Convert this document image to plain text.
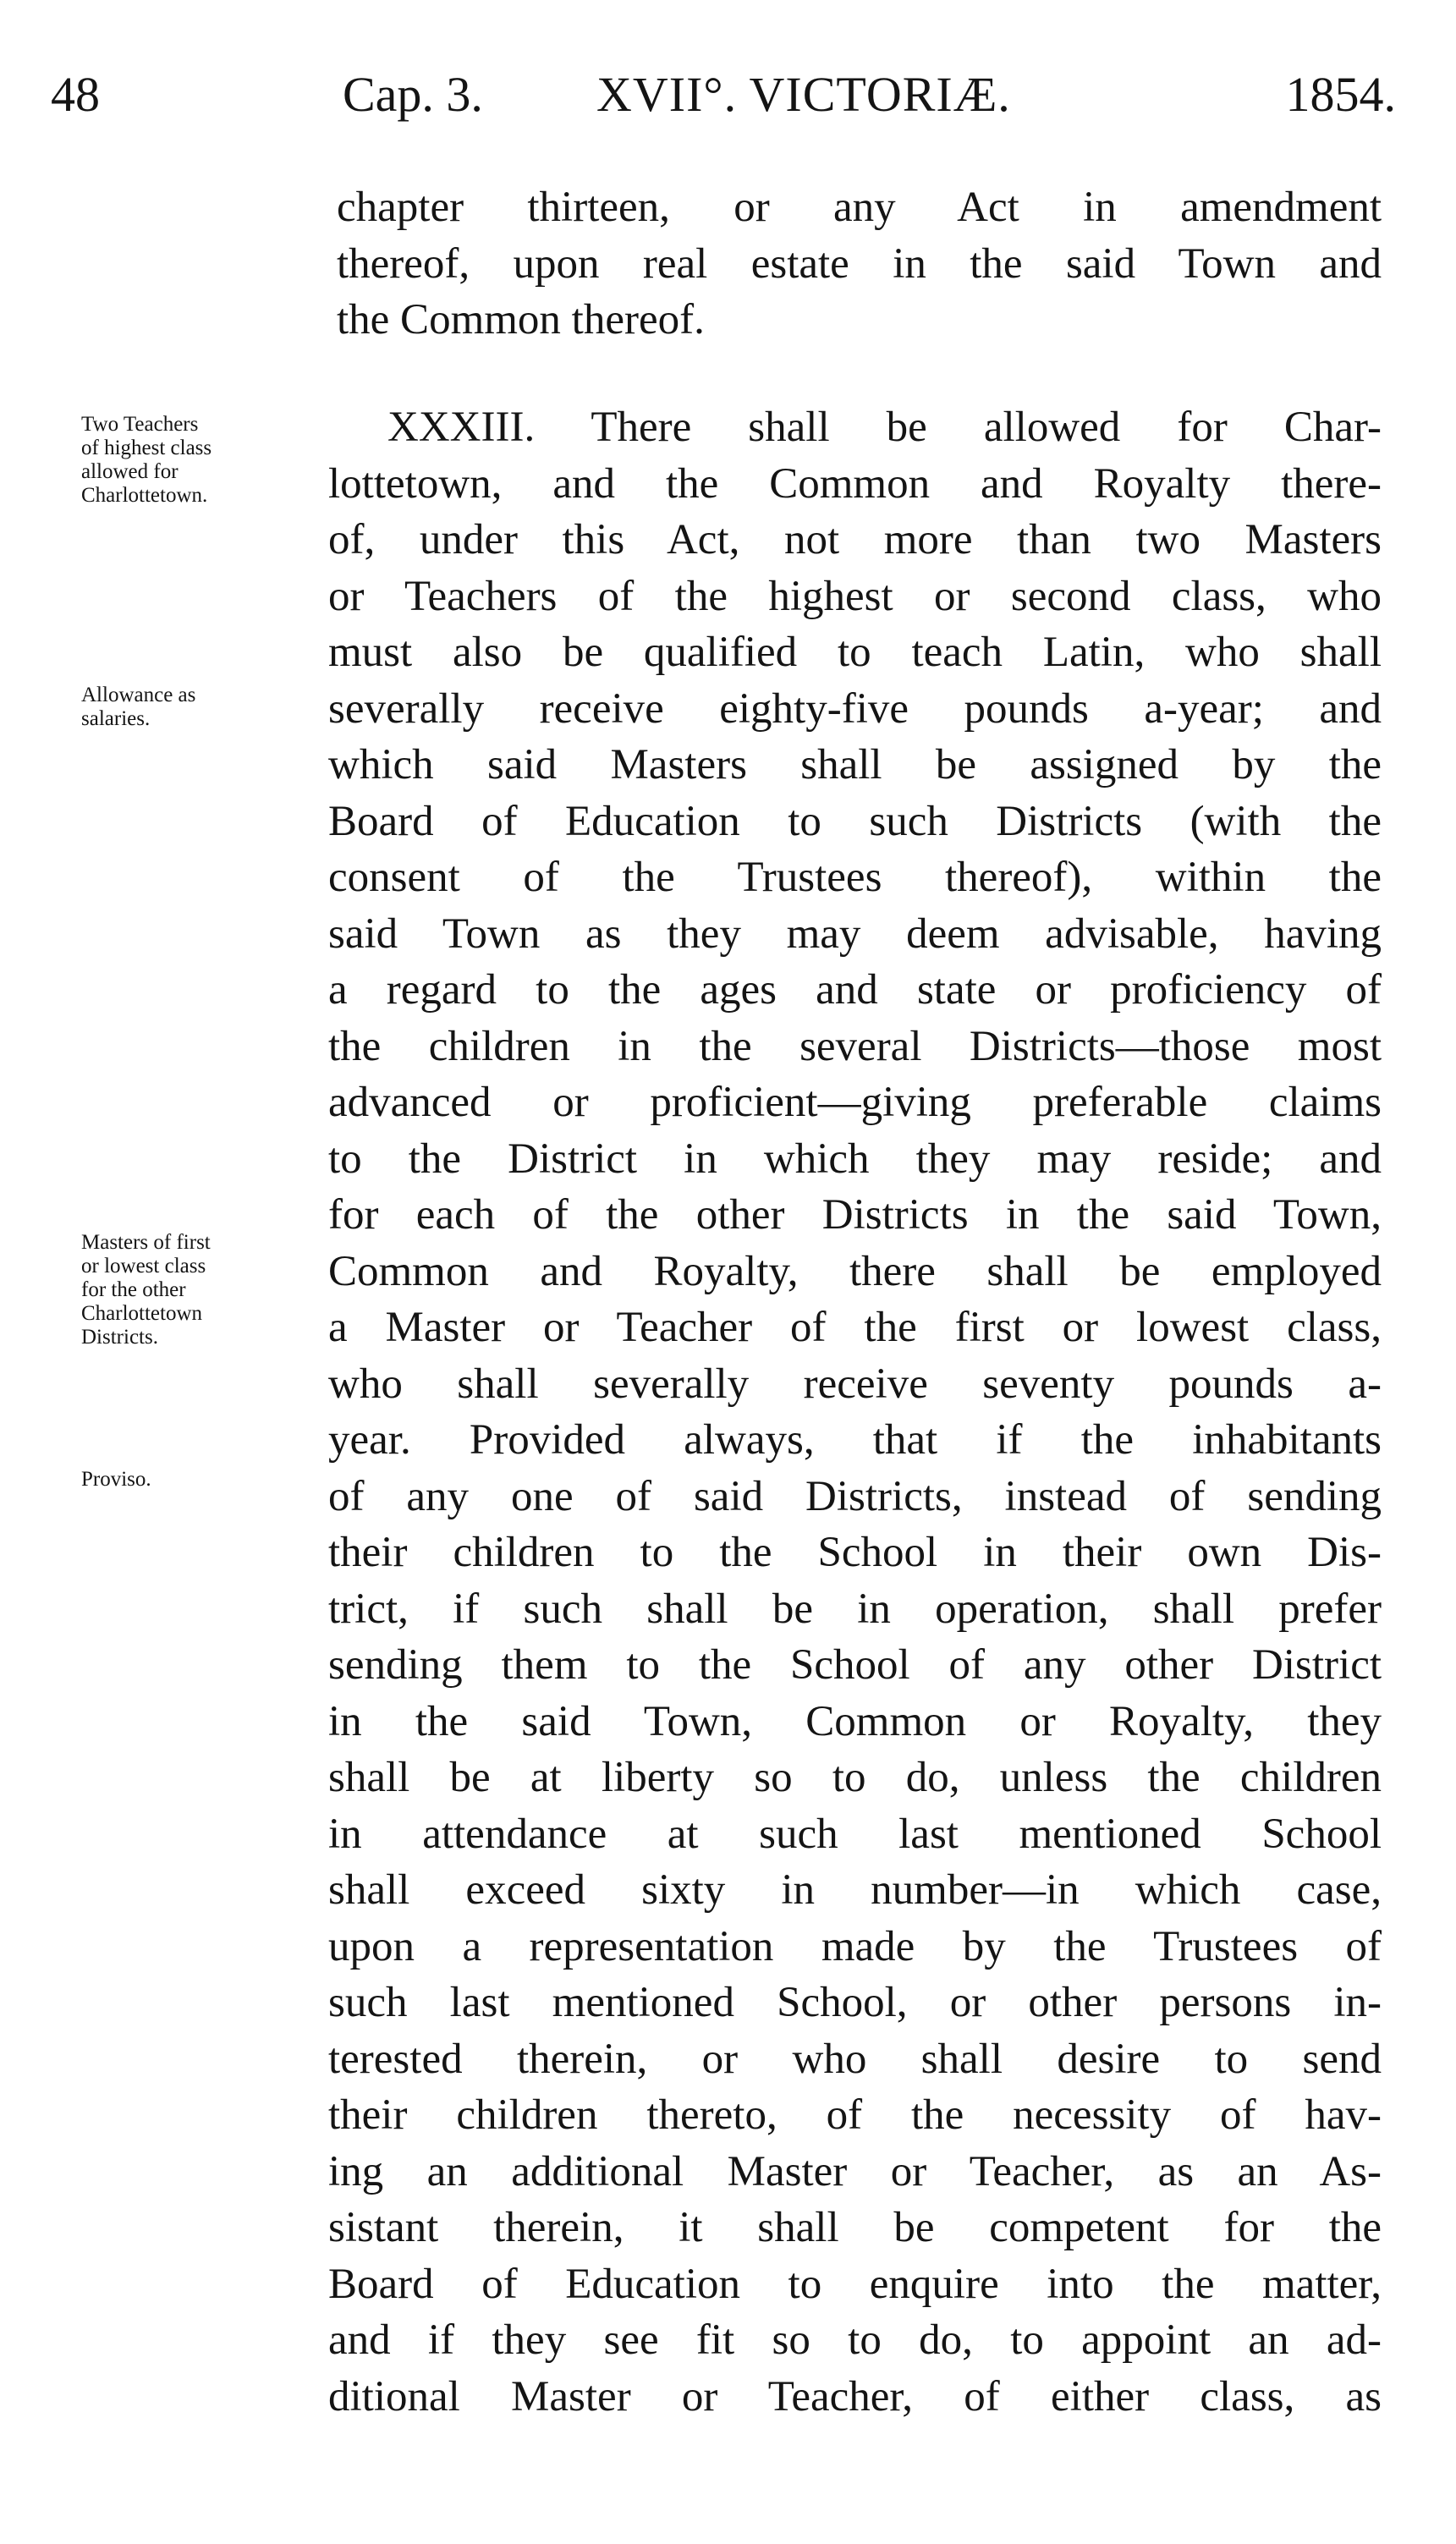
48	Cap. 3. XVII°. VICTORIÆ.	1854.
chapter thirteen, or any Act in amendment
thereof, upon real estate in the said Town and
the Common thereof.
XXXIII. There shall be allowed for Char-
lottetown, and the Common and Royalty there-
of, under this Act, not more than two Masters
or Teachers of the highest or second class, who
must also be qualified to teach Latin, who shall
severally receive eighty-five pounds a-year; and
which said Masters shall be assigned by the
Board of Education to such Districts (with the
consent of the Trustees thereof), within the
said Town as they may deem advisable, having
a regard to the ages and state or proficiency of
the children in the several Districts—those most
advanced or proficient—giving preferable claims
to the District in which they may reside; and
for each of the other Districts in the said Town,
Common and Royalty, there shall be employed
a Master or Teacher of the first or lowest class,
who shall severally receive seventy pounds a-
year. Provided always, that if the inhabitants
of any one of said Districts, instead of sending
their children to the School in their own Dis-
trict, if such shall be in operation, shall prefer
sending them to the School of any other District
in the said Town, Common or Royalty, they
shall be at liberty so to do, unless the children
in attendance at such last mentioned School
shall exceed sixty in number—in which case,
upon a representation made by the Trustees of
such last mentioned School, or other persons in-
terested therein, or who shall desire to send
their children thereto, of the necessity of hav-
ing an additional Master or Teacher, as an As-
sistant therein, it shall be competent for the
Board of Education to enquire into the matter,
and if they see fit so to do, to appoint an ad-
ditional Master or Teacher, of either class, as
Two Teachers
of highest class
allowed for
Charlottetown.
Allowance as
salaries.
Masters of first
or lowest class
for the other
Charlottetown
Districts.
Proviso.
